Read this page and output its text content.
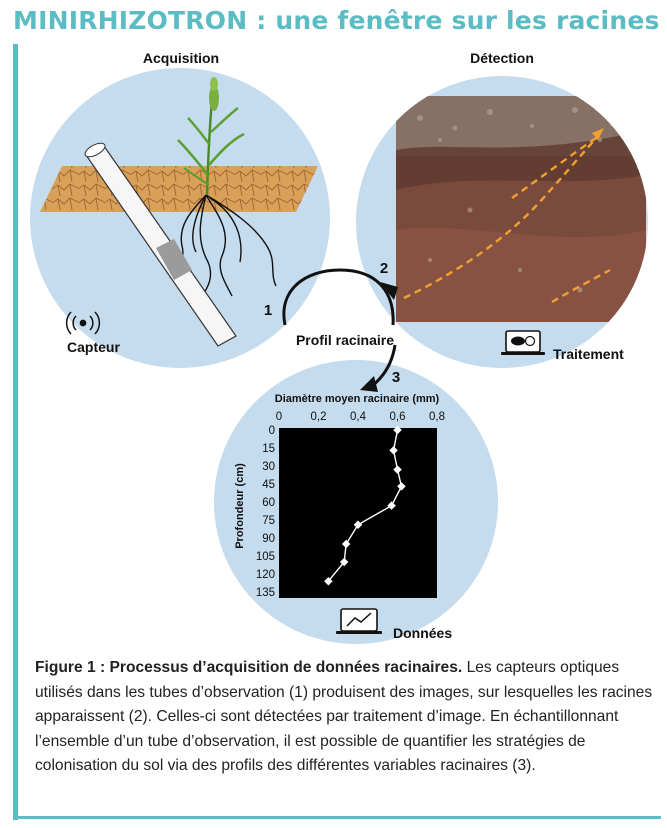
MINIRHIZOTRON : une fenêtre sur les racines
Acquisition	Détection
1
2
3
Profil racinaire
Capteur	Traitement
Données
Diamètre moyen racinaire (mm)
Profondeur (cm)
0 0,2 0,4 0,6 0,8
0
15
30
45
60
75
90
105
120
135
Figure 1 : Processus d’acquisition de données racinaires. Les capteurs optiques utilisés dans les tubes d’observation (1) produisent des images, sur lesquelles les racines apparaissent (2). Celles-ci sont détectées par traitement d’image. En échantillonnant l’ensemble d’un tube d’observation, il est possible de quantifier les stratégies de colonisation du sol via des profils des différentes variables racinaires (3).
